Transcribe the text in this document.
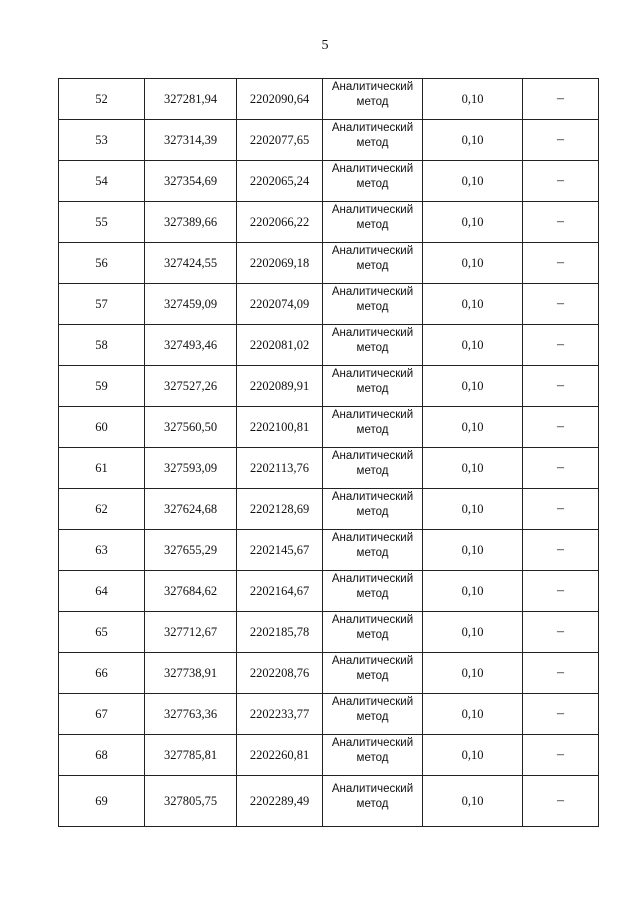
5
52	327281,94	2202090,64	Аналитический
метод	0,10	–
53	327314,39	2202077,65	Аналитический
метод	0,10	–
54	327354,69	2202065,24	Аналитический
метод	0,10	–
55	327389,66	2202066,22	Аналитический
метод	0,10	–
56	327424,55	2202069,18	Аналитический
метод	0,10	–
57	327459,09	2202074,09	Аналитический
метод	0,10	–
58	327493,46	2202081,02	Аналитический
метод	0,10	–
59	327527,26	2202089,91	Аналитический
метод	0,10	–
60	327560,50	2202100,81	Аналитический
метод	0,10	–
61	327593,09	2202113,76	Аналитический
метод	0,10	–
62	327624,68	2202128,69	Аналитический
метод	0,10	–
63	327655,29	2202145,67	Аналитический
метод	0,10	–
64	327684,62	2202164,67	Аналитический
метод	0,10	–
65	327712,67	2202185,78	Аналитический
метод	0,10	–
66	327738,91	2202208,76	Аналитический
метод	0,10	–
67	327763,36	2202233,77	Аналитический
метод	0,10	–
68	327785,81	2202260,81	Аналитический
метод	0,10	–
69	327805,75	2202289,49	Аналитический
метод	0,10	–
